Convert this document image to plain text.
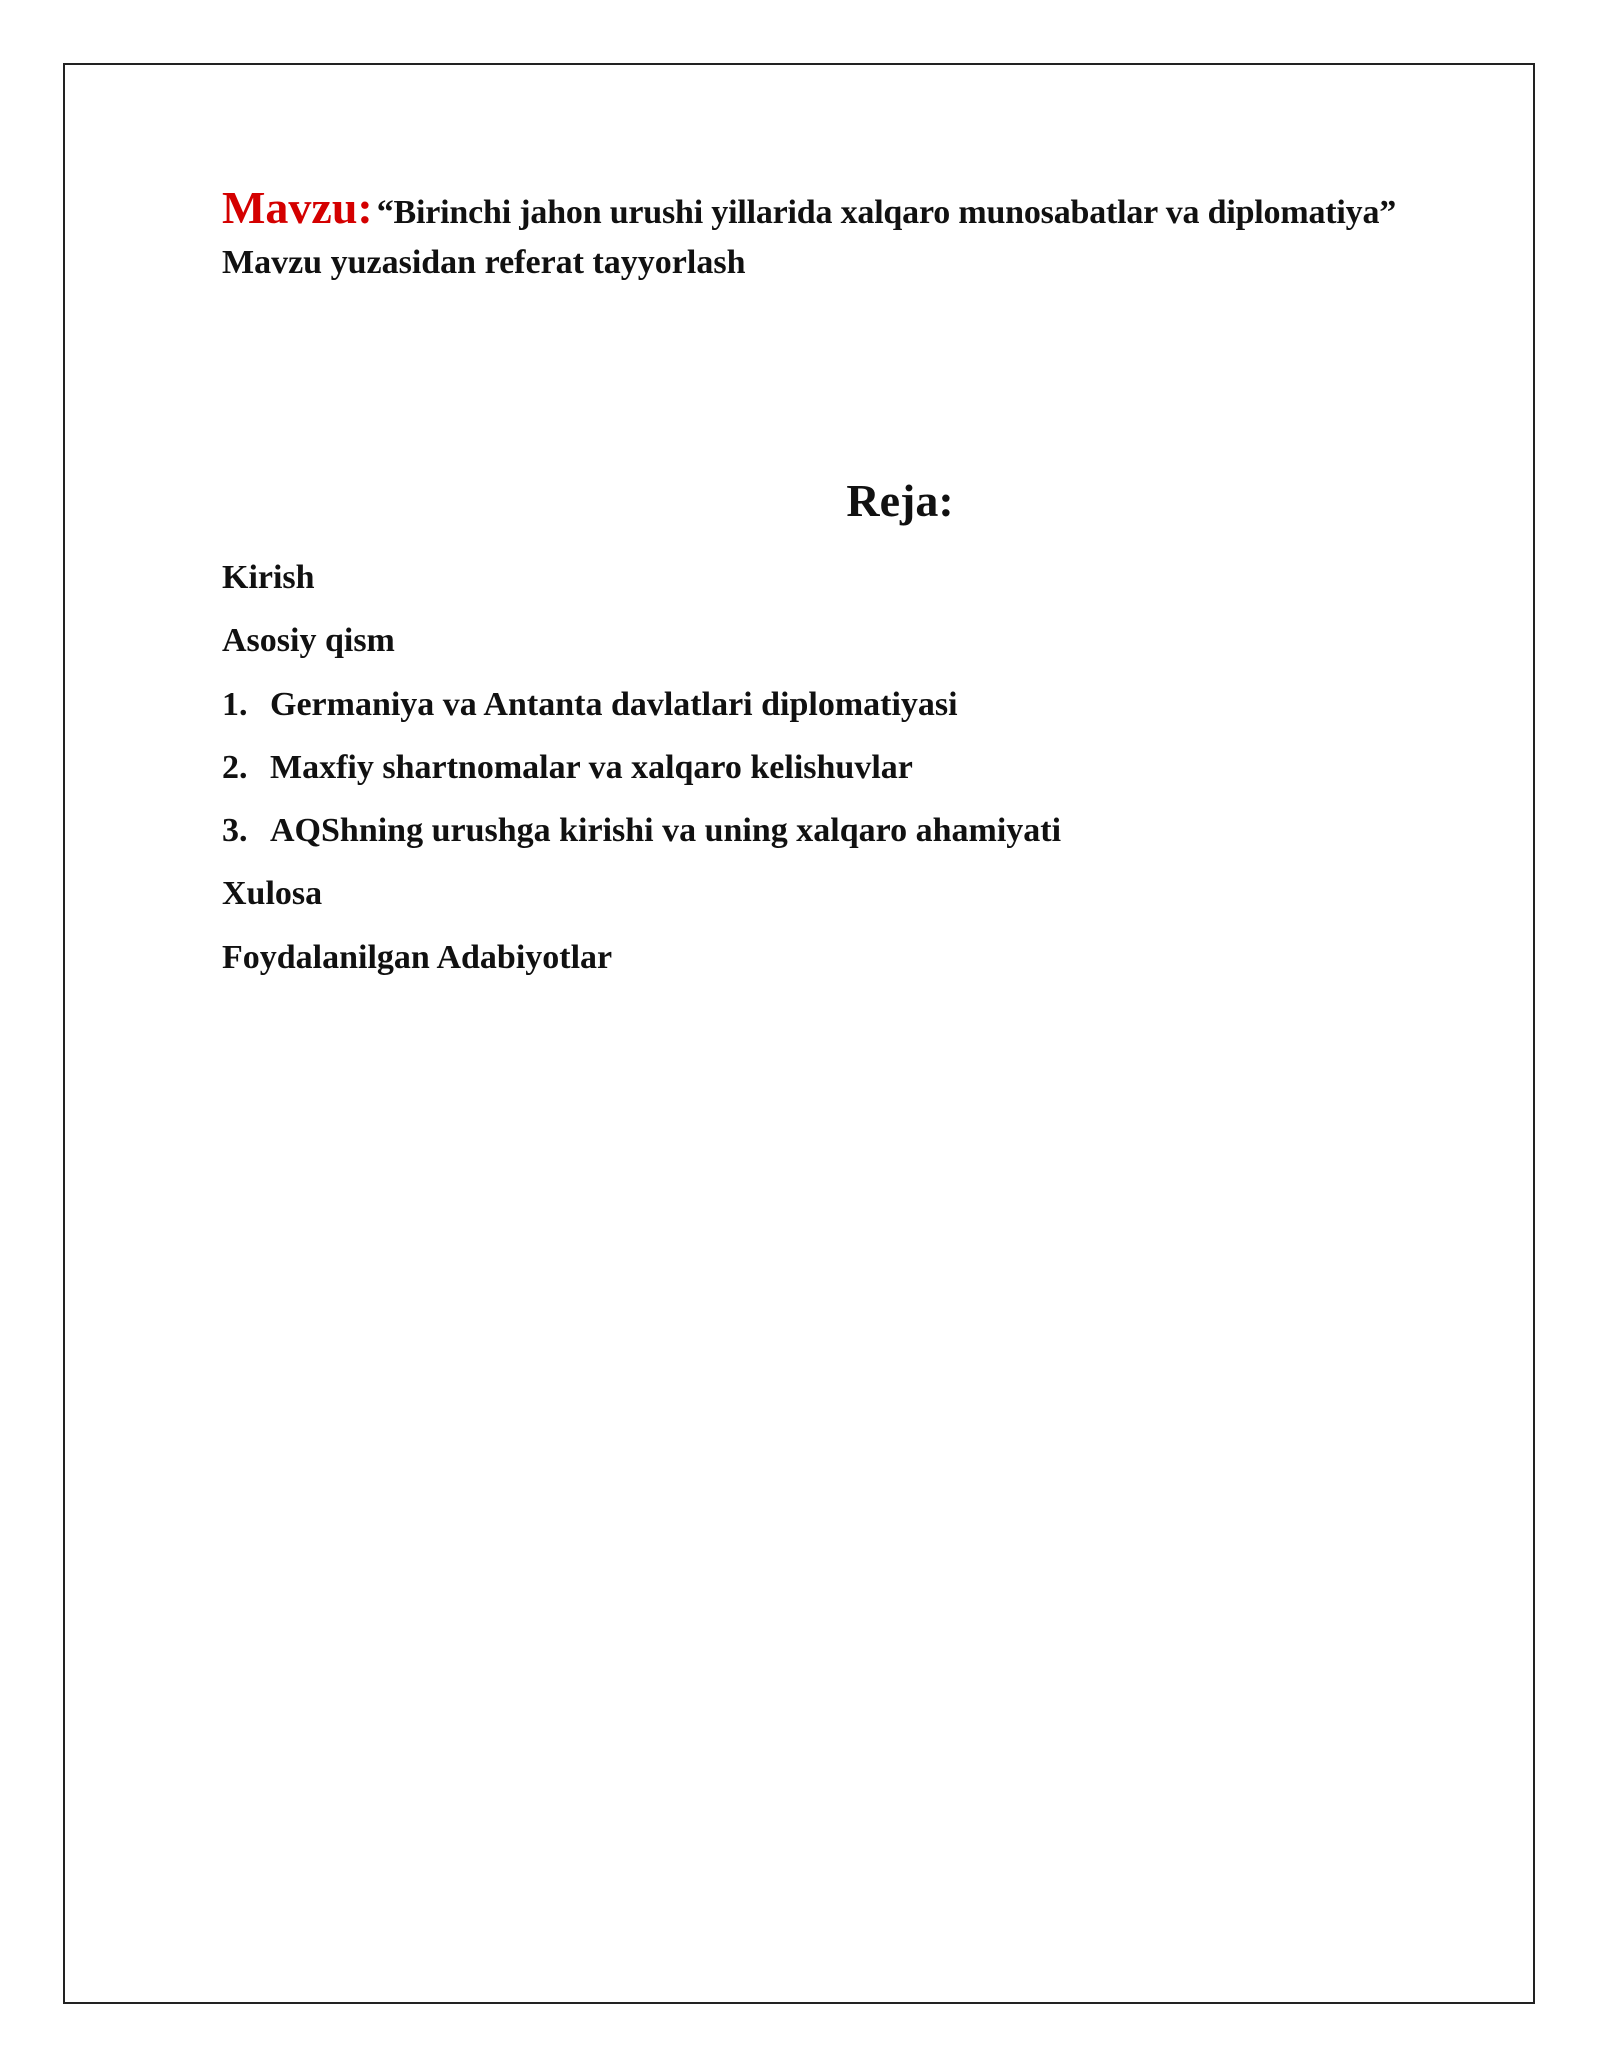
Mavzu: “Birinchi jahon urushi yillarida xalqaro munosabatlar va diplomatiya”
Mavzu yuzasidan referat tayyorlash
Reja:
Kirish
Asosiy qism
1. Germaniya va Antanta davlatlari diplomatiyasi
2. Maxfiy shartnomalar va xalqaro kelishuvlar
3. AQShning urushga kirishi va uning xalqaro ahamiyati
Xulosa
Foydalanilgan Adabiyotlar
